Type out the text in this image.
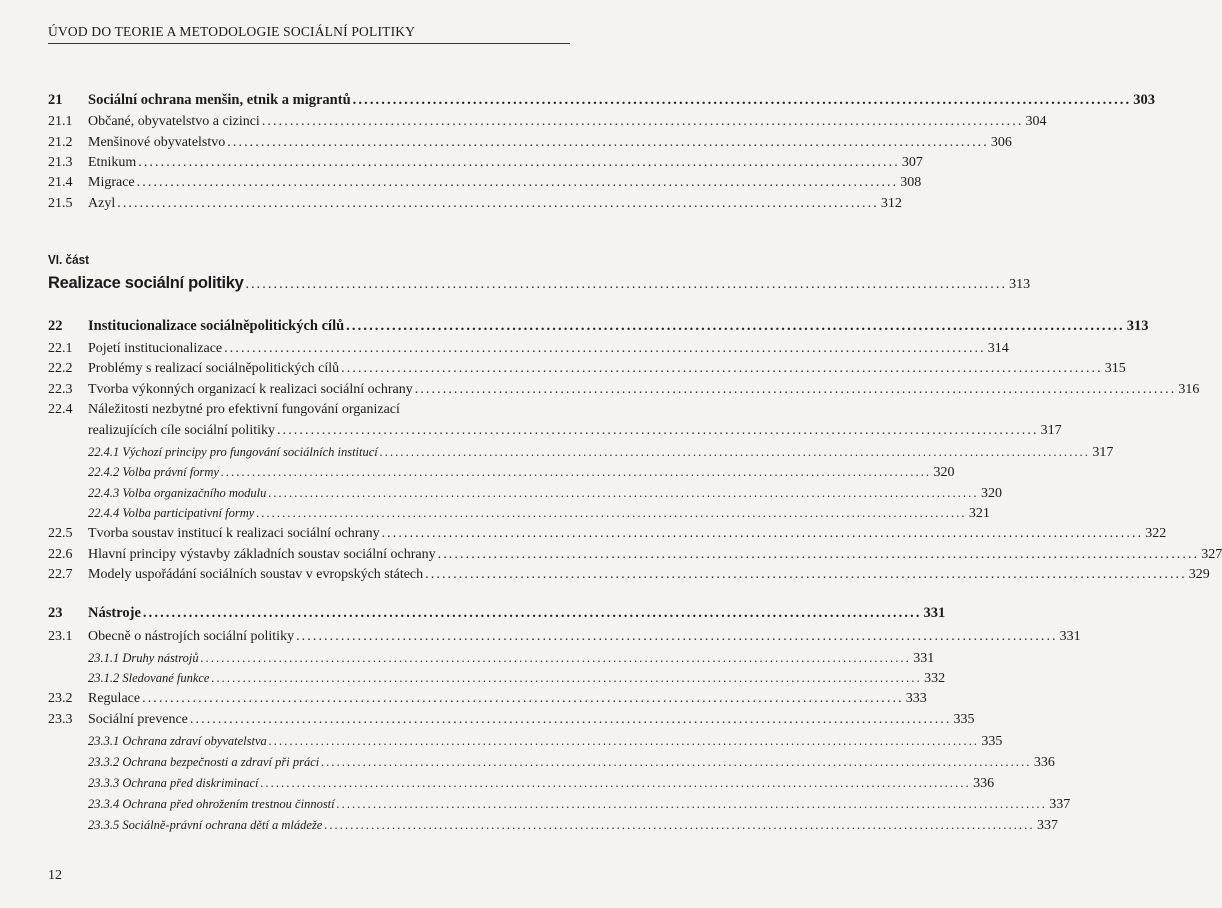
ÚVOD DO TEORIE A METODOLOGIE SOCIÁLNÍ POLITIKY
21	Sociální ochrana menšin, etnik a migrantů ........................................................................................................................................ 303
21.1	Občané, obyvatelstvo a cizinci ........................................................................................................................................ 304
21.2	Menšinové obyvatelstvo ........................................................................................................................................ 306
21.3	Etnikum ........................................................................................................................................ 307
21.4	Migrace ........................................................................................................................................ 308
21.5	Azyl ........................................................................................................................................ 312
VI. část
Realizace sociální politiky ........................................................................................................................................ 313
22	Institucionalizace sociálněpolitických cílů ........................................................................................................................................ 313
22.1	Pojetí institucionalizace ........................................................................................................................................ 314
22.2	Problémy s realizací sociálněpolitických cílů ........................................................................................................................................ 315
22.3	Tvorba výkonných organizací k realizaci sociální ochrany ........................................................................................................................................ 316
22.4	Náležitosti nezbytné pro efektivní fungování organizací
realizujících cíle sociální politiky ........................................................................................................................................ 317
22.4.1 Výchozí principy pro fungování sociálních institucí ........................................................................................................................................ 317
22.4.2 Volba právní formy ........................................................................................................................................ 320
22.4.3 Volba organizačního modulu ........................................................................................................................................ 320
22.4.4 Volba participativní formy ........................................................................................................................................ 321
22.5	Tvorba soustav institucí k realizaci sociální ochrany ........................................................................................................................................ 322
22.6	Hlavní principy výstavby základních soustav sociální ochrany ........................................................................................................................................ 327
22.7	Modely uspořádání sociálních soustav v evropských státech ........................................................................................................................................ 329
23	Nástroje ........................................................................................................................................ 331
23.1	Obecně o nástrojích sociální politiky ........................................................................................................................................ 331
23.1.1 Druhy nástrojů ........................................................................................................................................ 331
23.1.2 Sledované funkce ........................................................................................................................................ 332
23.2	Regulace ........................................................................................................................................ 333
23.3	Sociální prevence ........................................................................................................................................ 335
23.3.1 Ochrana zdraví obyvatelstva ........................................................................................................................................ 335
23.3.2 Ochrana bezpečnosti a zdraví při práci ........................................................................................................................................ 336
23.3.3 Ochrana před diskriminací ........................................................................................................................................ 336
23.3.4 Ochrana před ohrožením trestnou činností ........................................................................................................................................ 337
23.3.5 Sociálně-právní ochrana dětí a mládeže ........................................................................................................................................ 337
12
